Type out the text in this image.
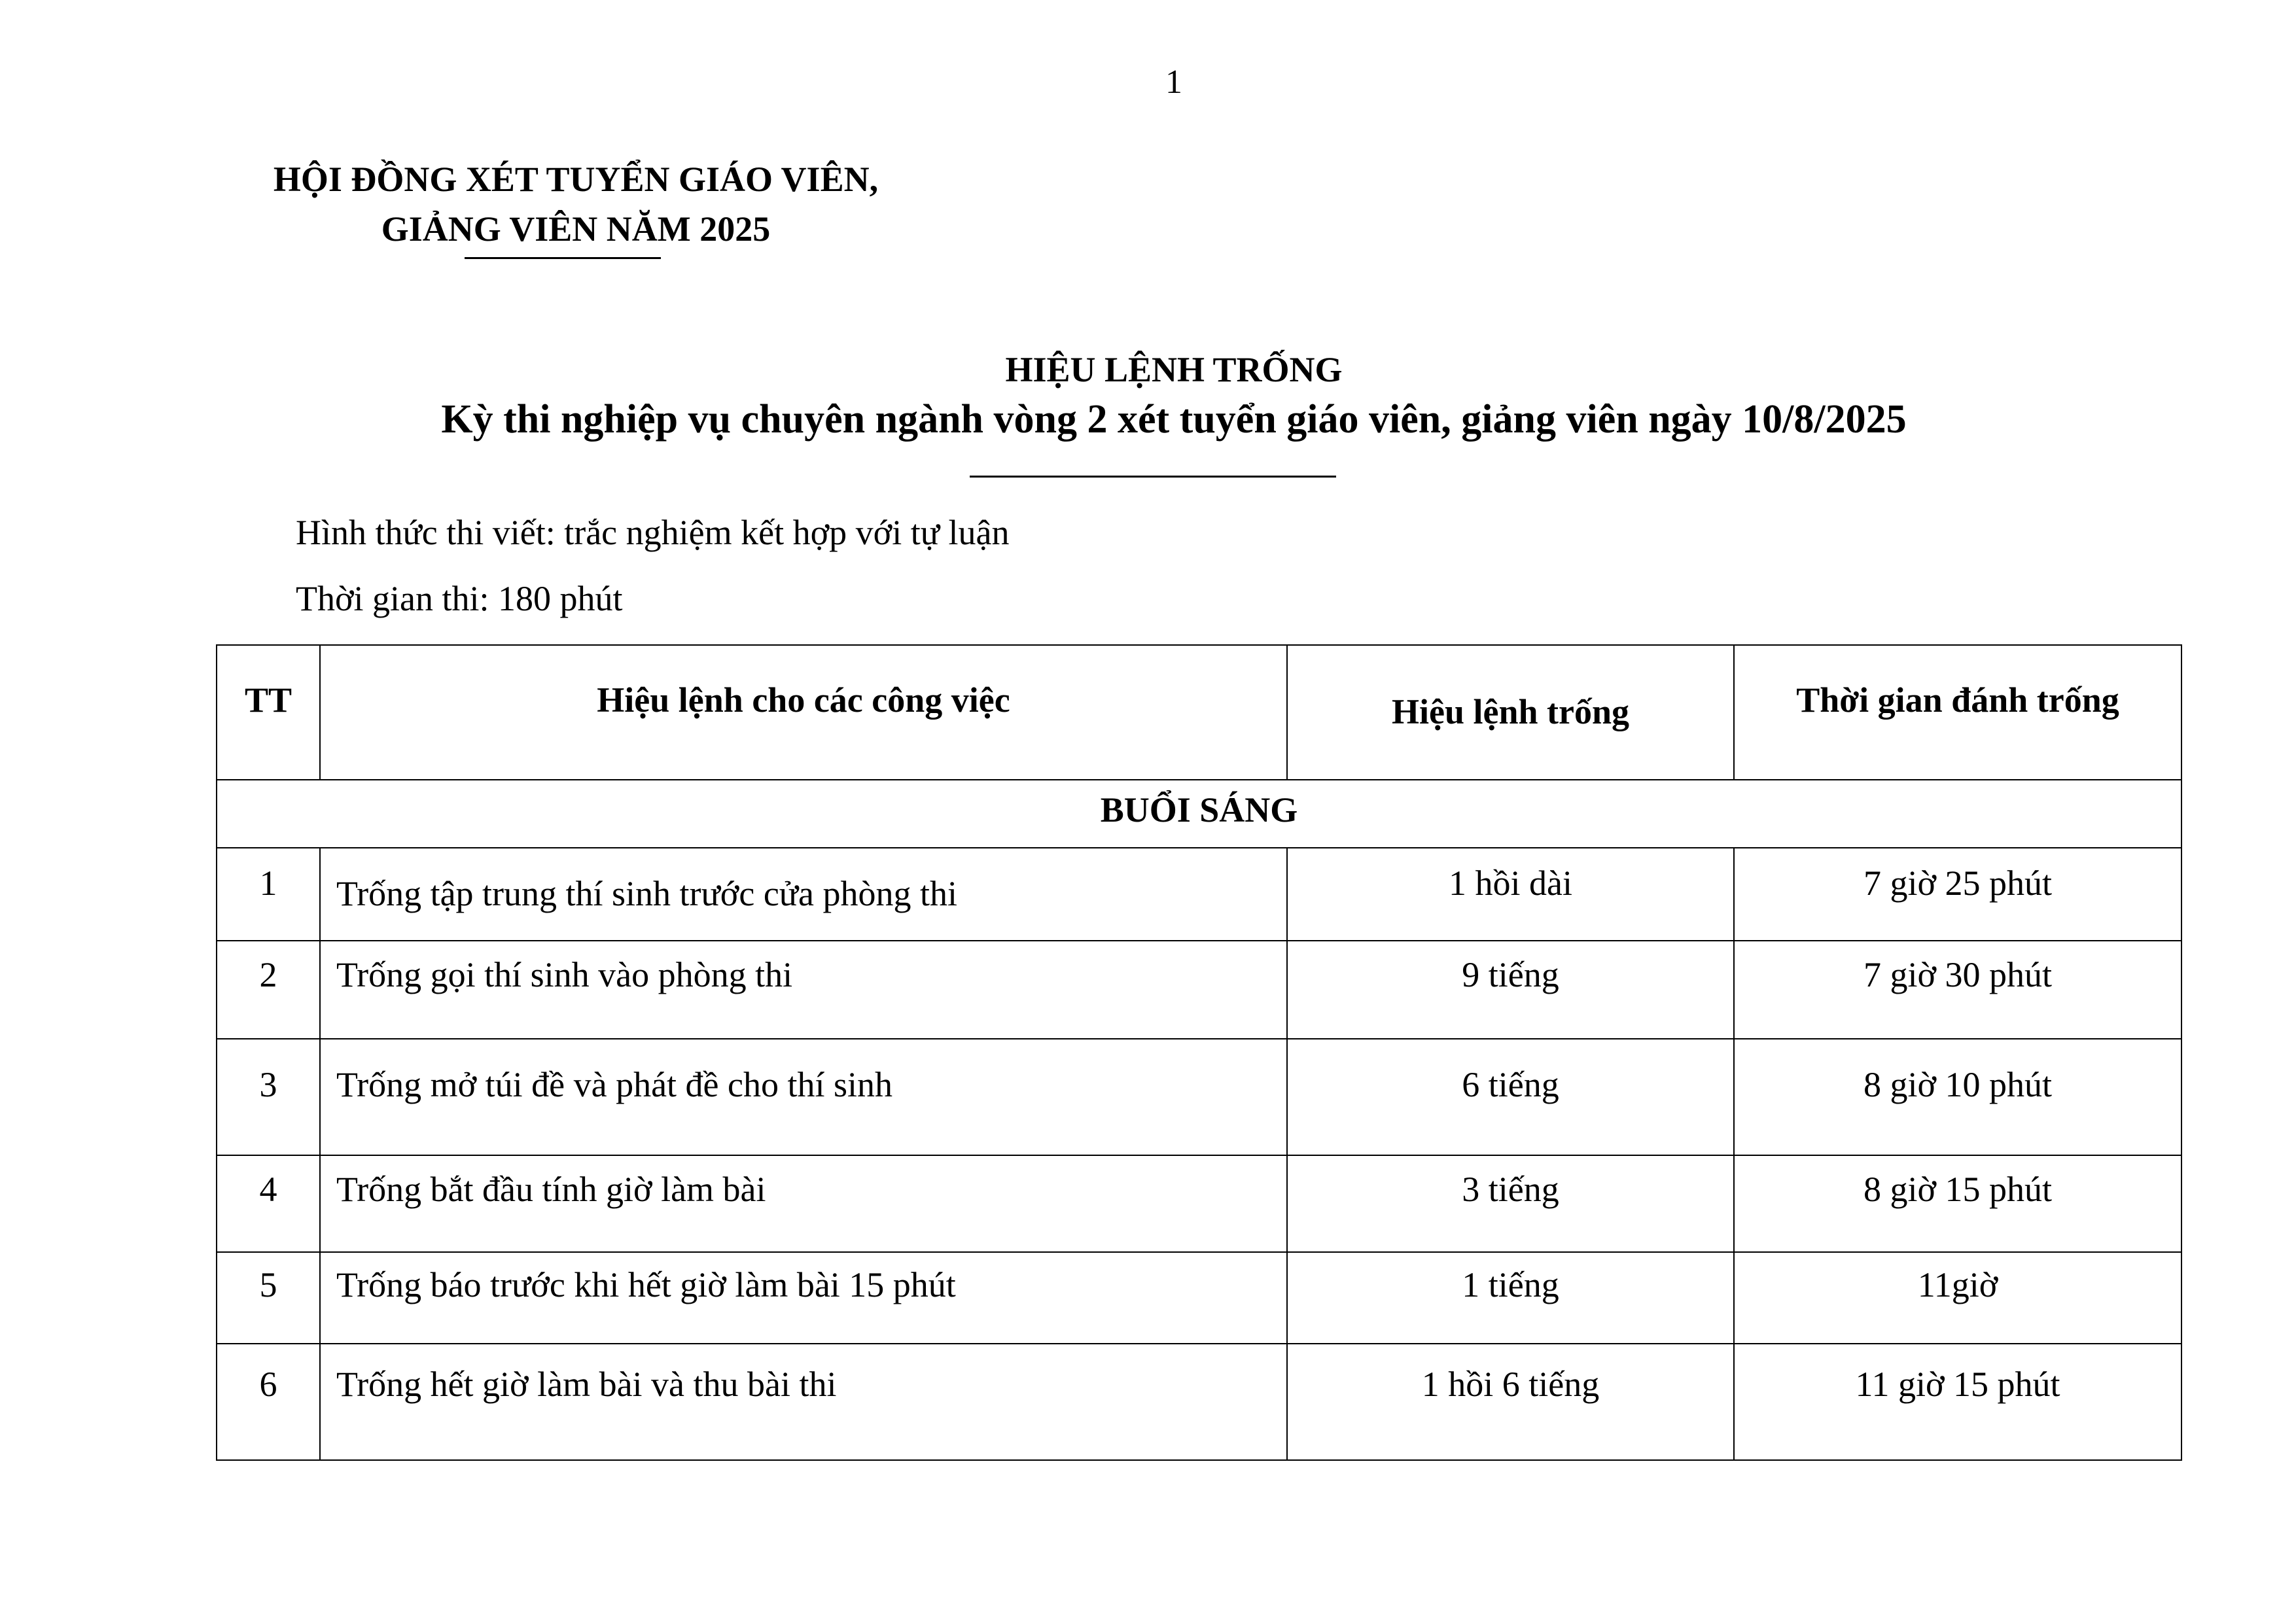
1
HỘI ĐỒNG XÉT TUYỂN GIÁO VIÊN,
GIẢNG VIÊN NĂM 2025
HIỆU LỆNH TRỐNG
Kỳ thi nghiệp vụ chuyên ngành vòng 2 xét tuyển giáo viên, giảng viên ngày 10/8/2025
Hình thức thi viết: trắc nghiệm kết hợp với tự luận
Thời gian thi: 180 phút
TT	Hiệu lệnh cho các công việc	Hiệu lệnh trống	Thời gian đánh trống
BUỔI SÁNG			
1	Trống tập trung thí sinh trước cửa phòng thi	1 hồi dài	7 giờ 25 phút
2	Trống gọi thí sinh vào phòng thi	9 tiếng	7 giờ 30 phút
3	Trống mở túi đề và phát đề cho thí sinh	6 tiếng	8 giờ 10 phút
4	Trống bắt đầu tính giờ làm bài	3 tiếng	8 giờ 15 phút
5	Trống báo trước khi hết giờ làm bài 15 phút	1 tiếng	11giờ
6	Trống hết giờ làm bài và thu bài thi	1 hồi 6 tiếng	11 giờ 15 phút
